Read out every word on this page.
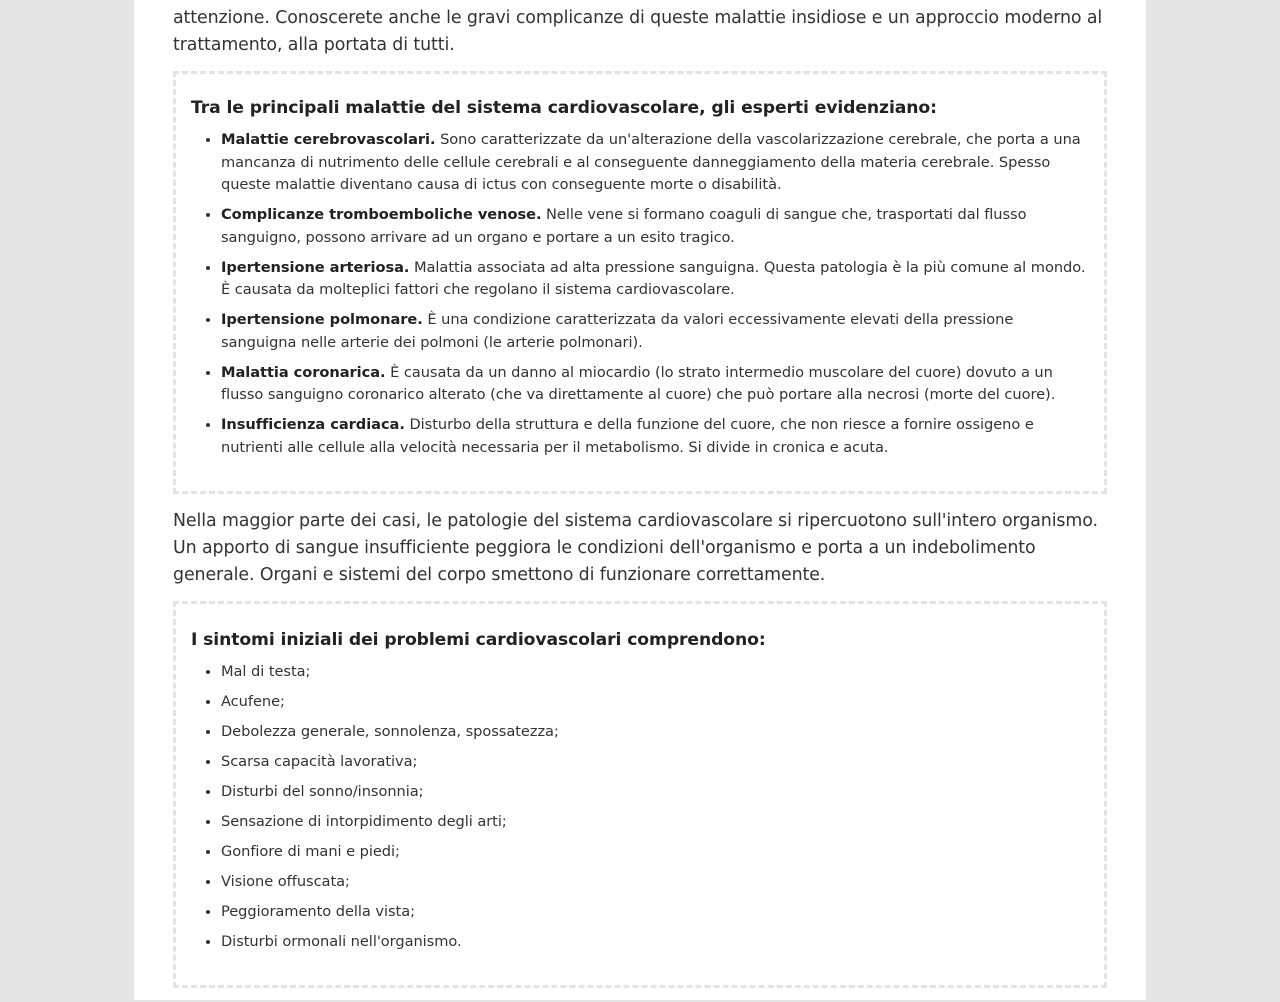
attenzione. Conoscerete anche le gravi complicanze di queste malattie insidiose e un approccio moderno al trattamento, alla portata di tutti.

Tra le principali malattie del sistema cardiovascolare, gli esperti evidenziano:
• Malattie cerebrovascolari. Sono caratterizzate da un'alterazione della vascolarizzazione cerebrale, che porta a una mancanza di nutrimento delle cellule cerebrali e al conseguente danneggiamento della materia cerebrale. Spesso queste malattie diventano causa di ictus con conseguente morte o disabilità.
• Complicanze tromboemboliche venose. Nelle vene si formano coaguli di sangue che, trasportati dal flusso sanguigno, possono arrivare ad un organo e portare a un esito tragico.
• Ipertensione arteriosa. Malattia associata ad alta pressione sanguigna. Questa patologia è la più comune al mondo. È causata da molteplici fattori che regolano il sistema cardiovascolare.
• Ipertensione polmonare. È una condizione caratterizzata da valori eccessivamente elevati della pressione sanguigna nelle arterie dei polmoni (le arterie polmonari).
• Malattia coronarica. È causata da un danno al miocardio (lo strato intermedio muscolare del cuore) dovuto a un flusso sanguigno coronarico alterato (che va direttamente al cuore) che può portare alla necrosi (morte del cuore).
• Insufficienza cardiaca. Disturbo della struttura e della funzione del cuore, che non riesce a fornire ossigeno e nutrienti alle cellule alla velocità necessaria per il metabolismo. Si divide in cronica e acuta.

Nella maggior parte dei casi, le patologie del sistema cardiovascolare si ripercuotono sull'intero organismo. Un apporto di sangue insufficiente peggiora le condizioni dell'organismo e porta a un indebolimento generale. Organi e sistemi del corpo smettono di funzionare correttamente.

I sintomi iniziali dei problemi cardiovascolari comprendono:
• Mal di testa;
• Acufene;
• Debolezza generale, sonnolenza, spossatezza;
• Scarsa capacità lavorativa;
• Disturbi del sonno/insonnia;
• Sensazione di intorpidimento degli arti;
• Gonfiore di mani e piedi;
• Visione offuscata;
• Peggioramento della vista;
• Disturbi ormonali nell'organismo.
